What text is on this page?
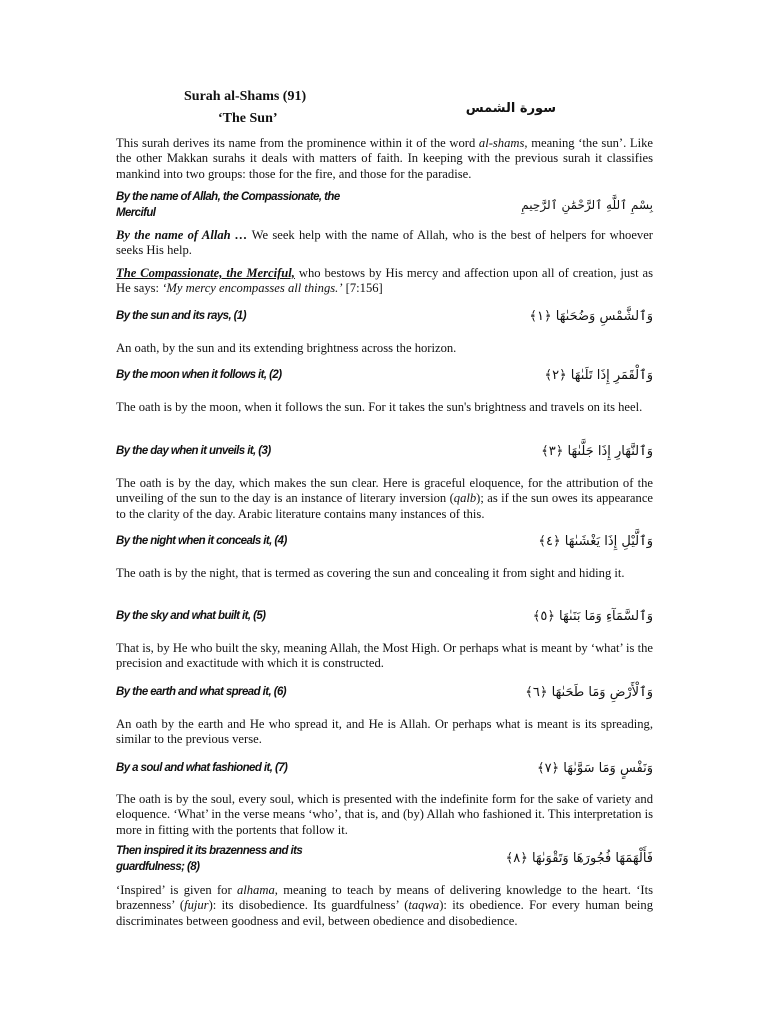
Surah al-Shams (91)
‘The Sun’
سورة الشمس
This surah derives its name from the prominence within it of the word al-shams, meaning ‘the sun’. Like the other Makkan surahs it deals with matters of faith. In keeping with the previous surah it classifies mankind into two groups: those for the fire, and those for the paradise.
By the name of Allah, the Compassionate, the Merciful	بِسْمِ ٱللَّهِ ٱلرَّحْمَٰنِ ٱلرَّحِيمِ
By the name of Allah … We seek help with the name of Allah, who is the best of helpers for whoever seeks His help.
The Compassionate, the Merciful, who bestows by His mercy and affection upon all of creation, just as He says: ‘My mercy encompasses all things.’ [7:156]
By the sun and its rays, (1)	وَٱلشَّمْسِ وَضُحَىٰهَا ﴿١﴾
An oath, by the sun and its extending brightness across the horizon.
By the moon when it follows it, (2)	وَٱلْقَمَرِ إِذَا تَلَىٰهَا ﴿٢﴾
The oath is by the moon, when it follows the sun. For it takes the sun's brightness and travels on its heel.
By the day when it unveils it, (3)	وَٱلنَّهَارِ إِذَا جَلَّىٰهَا ﴿٣﴾
The oath is by the day, which makes the sun clear. Here is graceful eloquence, for the attribution of the unveiling of the sun to the day is an instance of literary inversion (qalb); as if the sun owes its appearance to the clarity of the day. Arabic literature contains many instances of this.
By the night when it conceals it, (4)	وَٱلَّيْلِ إِذَا يَغْشَىٰهَا ﴿٤﴾
The oath is by the night, that is termed as covering the sun and concealing it from sight and hiding it.
By the sky and what built it, (5)	وَٱلسَّمَآءِ وَمَا بَنَىٰهَا ﴿٥﴾
That is, by He who built the sky, meaning Allah, the Most High. Or perhaps what is meant by ‘what’ is the precision and exactitude with which it is constructed.
By the earth and what spread it, (6)	وَٱلْأَرْضِ وَمَا طَحَىٰهَا ﴿٦﴾
An oath by the earth and He who spread it, and He is Allah. Or perhaps what is meant is its spreading, similar to the previous verse.
By a soul and what fashioned it, (7)	وَنَفْسٍ وَمَا سَوَّىٰهَا ﴿٧﴾
The oath is by the soul, every soul, which is presented with the indefinite form for the sake of variety and eloquence. ‘What’ in the verse means ‘who’, that is, and (by) Allah who fashioned it. This interpretation is more in fitting with the portents that follow it.
Then inspired it its brazenness and its guardfulness; (8)	فَأَلْهَمَهَا فُجُورَهَا وَتَقْوَىٰهَا ﴿٨﴾
‘Inspired’ is given for alhama, meaning to teach by means of delivering knowledge to the heart. ‘Its brazenness’ (fujur): its disobedience. Its guardfulness’ (taqwa): its obedience. For every human being discriminates between goodness and evil, between obedience and disobedience.
